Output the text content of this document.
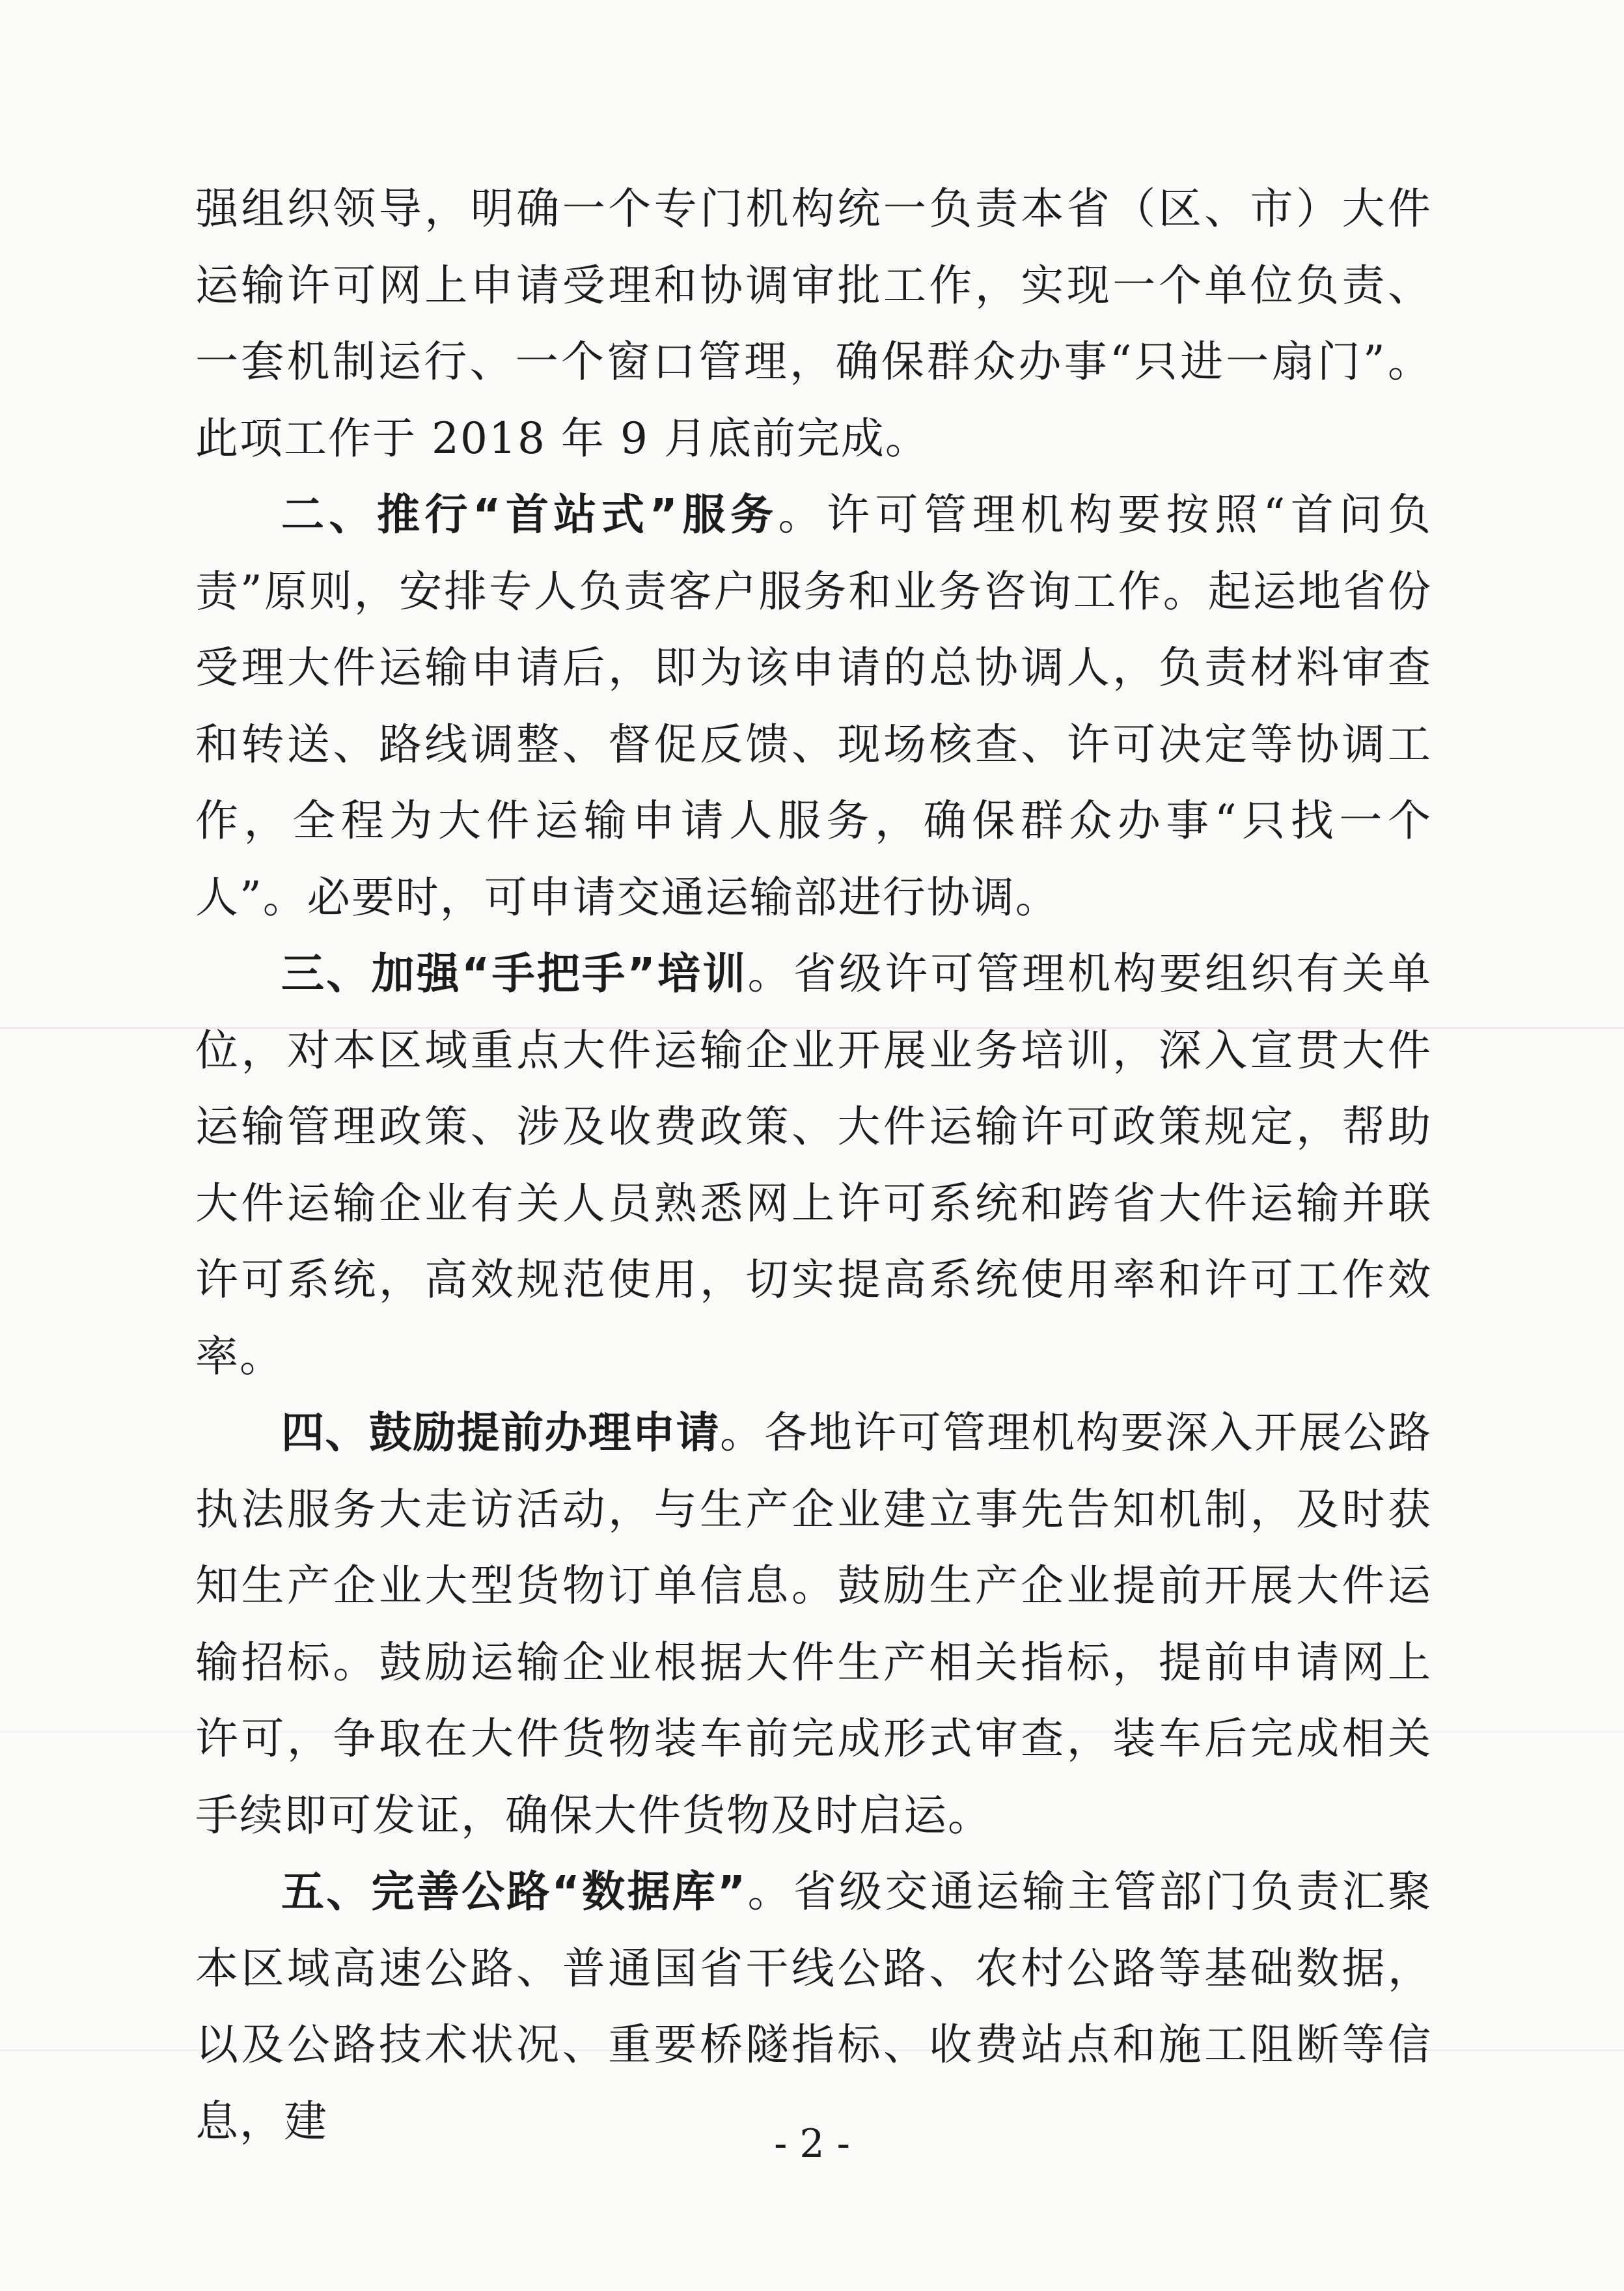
强组织领导，明确一个专门机构统一负责本省（区、市）大件运输许可网上申请受理和协调审批工作，实现一个单位负责、一套机制运行、一个窗口管理，确保群众办事“只进一扇门”。此项工作于 2018 年 9 月底前完成。

二、推行“首站式”服务。许可管理机构要按照“首问负责”原则，安排专人负责客户服务和业务咨询工作。起运地省份受理大件运输申请后，即为该申请的总协调人，负责材料审查和转送、路线调整、督促反馈、现场核查、许可决定等协调工作，全程为大件运输申请人服务，确保群众办事“只找一个人”。必要时，可申请交通运输部进行协调。

三、加强“手把手”培训。省级许可管理机构要组织有关单位，对本区域重点大件运输企业开展业务培训，深入宣贯大件运输管理政策、涉及收费政策、大件运输许可政策规定，帮助大件运输企业有关人员熟悉网上许可系统和跨省大件运输并联许可系统，高效规范使用，切实提高系统使用率和许可工作效率。

四、鼓励提前办理申请。各地许可管理机构要深入开展公路执法服务大走访活动，与生产企业建立事先告知机制，及时获知生产企业大型货物订单信息。鼓励生产企业提前开展大件运输招标。鼓励运输企业根据大件生产相关指标，提前申请网上许可，争取在大件货物装车前完成形式审查，装车后完成相关手续即可发证，确保大件货物及时启运。

五、完善公路“数据库”。省级交通运输主管部门负责汇聚本区域高速公路、普通国省干线公路、农村公路等基础数据，以及公路技术状况、重要桥隧指标、收费站点和施工阻断等信息，建	- 2 -
